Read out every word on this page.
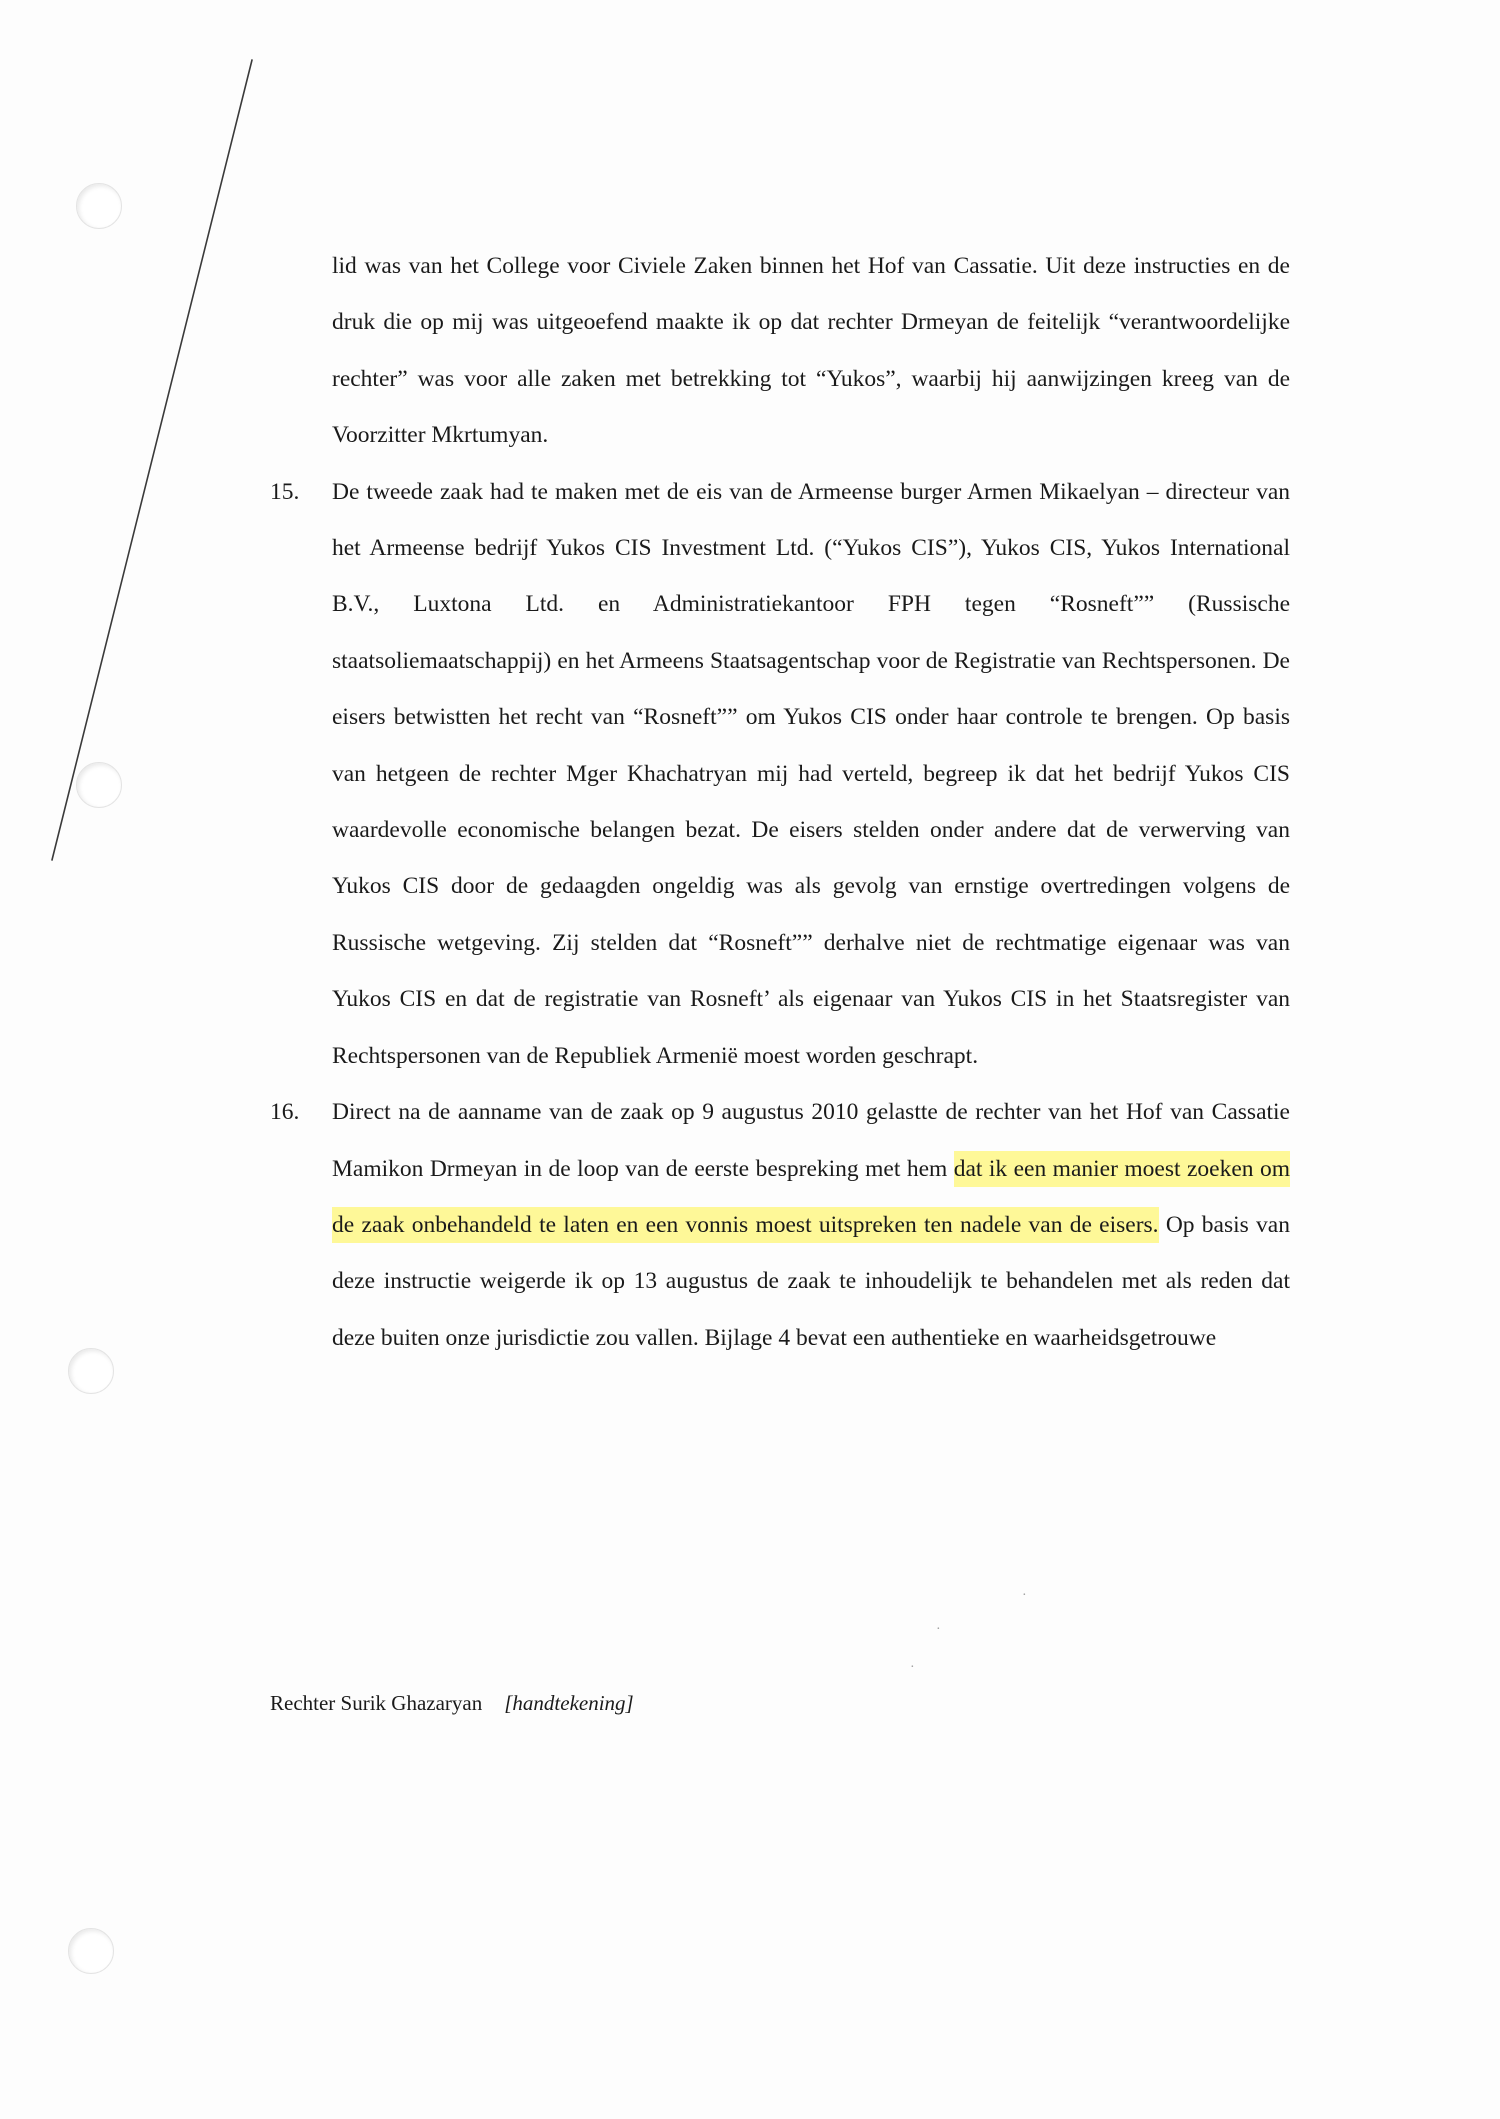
·
·
·

lid was van het College voor Civiele Zaken binnen het Hof van Cassatie. Uit deze instructies en de druk die op mij was uitgeoefend maakte ik op dat rechter Drmeyan de feitelijk “verantwoordelijke rechter” was voor alle zaken met betrekking tot “Yukos”, waarbij hij aanwijzingen kreeg van de Voorzitter Mkrtumyan.

15. De tweede zaak had te maken met de eis van de Armeense burger Armen Mikaelyan – directeur van het Armeense bedrijf Yukos CIS Investment Ltd. (“Yukos CIS”), Yukos CIS, Yukos International B.V., Luxtona Ltd. en Administratiekantoor FPH tegen “Rosneft”” (Russische staatsoliemaatschappij) en het Armeens Staatsagentschap voor de Registratie van Rechtspersonen. De eisers betwistten het recht van “Rosneft”” om Yukos CIS onder haar controle te brengen. Op basis van hetgeen de rechter Mger Khachatryan mij had verteld, begreep ik dat het bedrijf Yukos CIS waardevolle economische belangen bezat. De eisers stelden onder andere dat de verwerving van Yukos CIS door de gedaagden ongeldig was als gevolg van ernstige overtredingen volgens de Russische wetgeving. Zij stelden dat “Rosneft”” derhalve niet de rechtmatige eigenaar was van Yukos CIS en dat de registratie van Rosneft’ als eigenaar van Yukos CIS in het Staatsregister van Rechtspersonen van de Republiek Armenië moest worden geschrapt.

16. Direct na de aanname van de zaak op 9 augustus 2010 gelastte de rechter van het Hof van Cassatie Mamikon Drmeyan in de loop van de eerste bespreking met hem dat ik een manier moest zoeken om de zaak onbehandeld te laten en een vonnis moest uitspreken ten nadele van de eisers. Op basis van deze instructie weigerde ik op 13 augustus de zaak te inhoudelijk te behandelen met als reden dat deze buiten onze jurisdictie zou vallen. Bijlage 4 bevat een authentieke en waarheidsgetrouwe

Rechter Surik Ghazaryan [handtekening]
